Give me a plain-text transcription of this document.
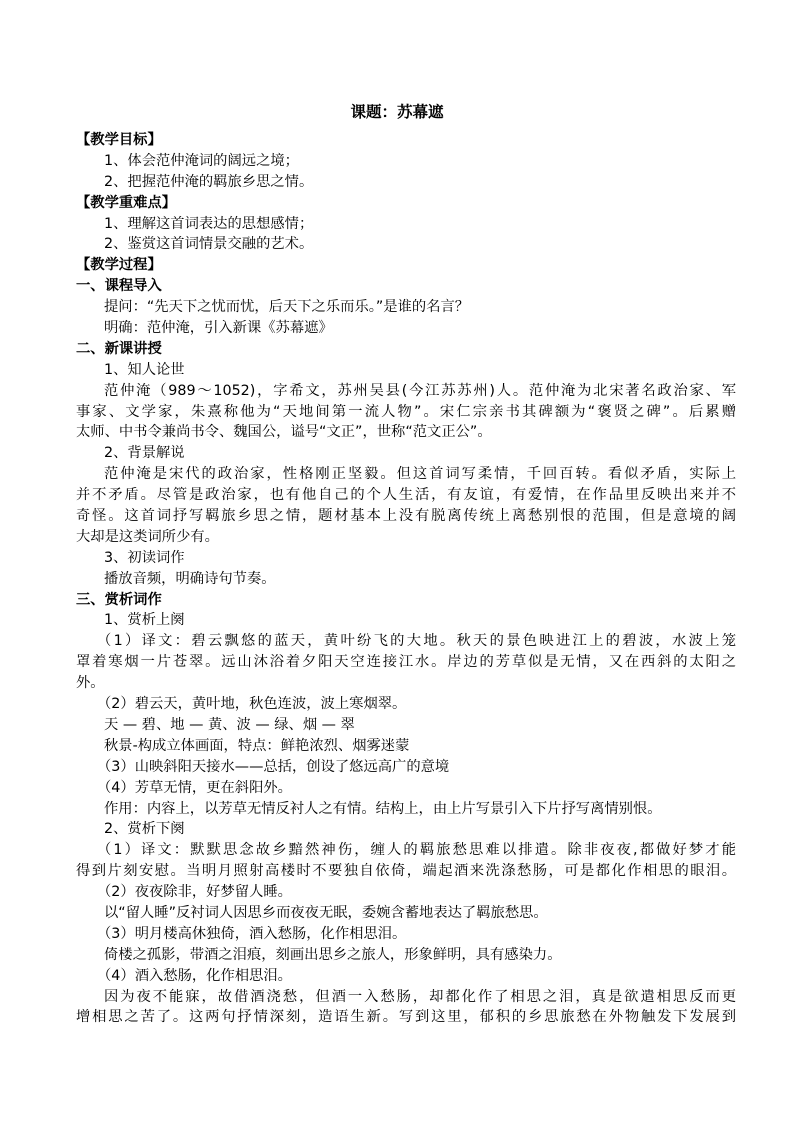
课题：苏幕遮
【教学目标】
1、体会范仲淹词的阔远之境；
2、把握范仲淹的羁旅乡思之情。
【教学重难点】
1、理解这首词表达的思想感情；
2、鉴赏这首词情景交融的艺术。
【教学过程】
一、课程导入
提问：“先天下之忧而忧，后天下之乐而乐。”是谁的名言？
明确：范仲淹，引入新课《苏幕遮》
二、新课讲授
1、知人论世
范仲淹（989～1052)，字希文，苏州吴县(今江苏苏州)人。范仲淹为北宋著名政治家、军
事家、文学家，朱熹称他为“天地间第一流人物”。宋仁宗亲书其碑额为“褒贤之碑”。后累赠
太师、中书令兼尚书令、魏国公，谥号“文正”，世称“范文正公”。
2、背景解说
范仲淹是宋代的政治家，性格刚正坚毅。但这首词写柔情，千回百转。看似矛盾，实际上
并不矛盾。尽管是政治家，也有他自己的个人生活，有友谊，有爱情，在作品里反映出来并不
奇怪。这首词抒写羁旅乡思之情，题材基本上没有脱离传统上离愁别恨的范围，但是意境的阔
大却是这类词所少有。
3、初读词作
播放音频，明确诗句节奏。
三、赏析词作
1、赏析上阕
（1）译文：碧云飘悠的蓝天，黄叶纷飞的大地。秋天的景色映进江上的碧波，水波上笼
罩着寒烟一片苍翠。远山沐浴着夕阳天空连接江水。岸边的芳草似是无情，又在西斜的太阳之
外。
（2）碧云天，黄叶地，秋色连波，波上寒烟翠。
天 — 碧、地 — 黄、波 — 绿、烟 — 翠
秋景-构成立体画面，特点：鲜艳浓烈、烟雾迷蒙
（3）山映斜阳天接水——总括，创设了悠远高广的意境
（4）芳草无情，更在斜阳外。
作用：内容上，以芳草无情反衬人之有情。结构上，由上片写景引入下片抒写离情别恨。
2、赏析下阕
（1）译文：默默思念故乡黯然神伤，缠人的羁旅愁思难以排遣。除非夜夜,都做好梦才能
得到片刻安慰。当明月照射高楼时不要独自依倚，端起酒来洗涤愁肠，可是都化作相思的眼泪。
（2）夜夜除非，好梦留人睡。
以“留人睡”反衬词人因思乡而夜夜无眠，委婉含蓄地表达了羁旅愁思。
（3）明月楼高休独倚，酒入愁肠，化作相思泪。
倚楼之孤影，带酒之泪痕，刻画出思乡之旅人，形象鲜明，具有感染力。
（4）酒入愁肠，化作相思泪。
因为夜不能寐，故借酒浇愁，但酒一入愁肠，却都化作了相思之泪，真是欲遣相思反而更
增相思之苦了。这两句抒情深刻，造语生新。写到这里，郁积的乡思旅愁在外物触发下发展到
